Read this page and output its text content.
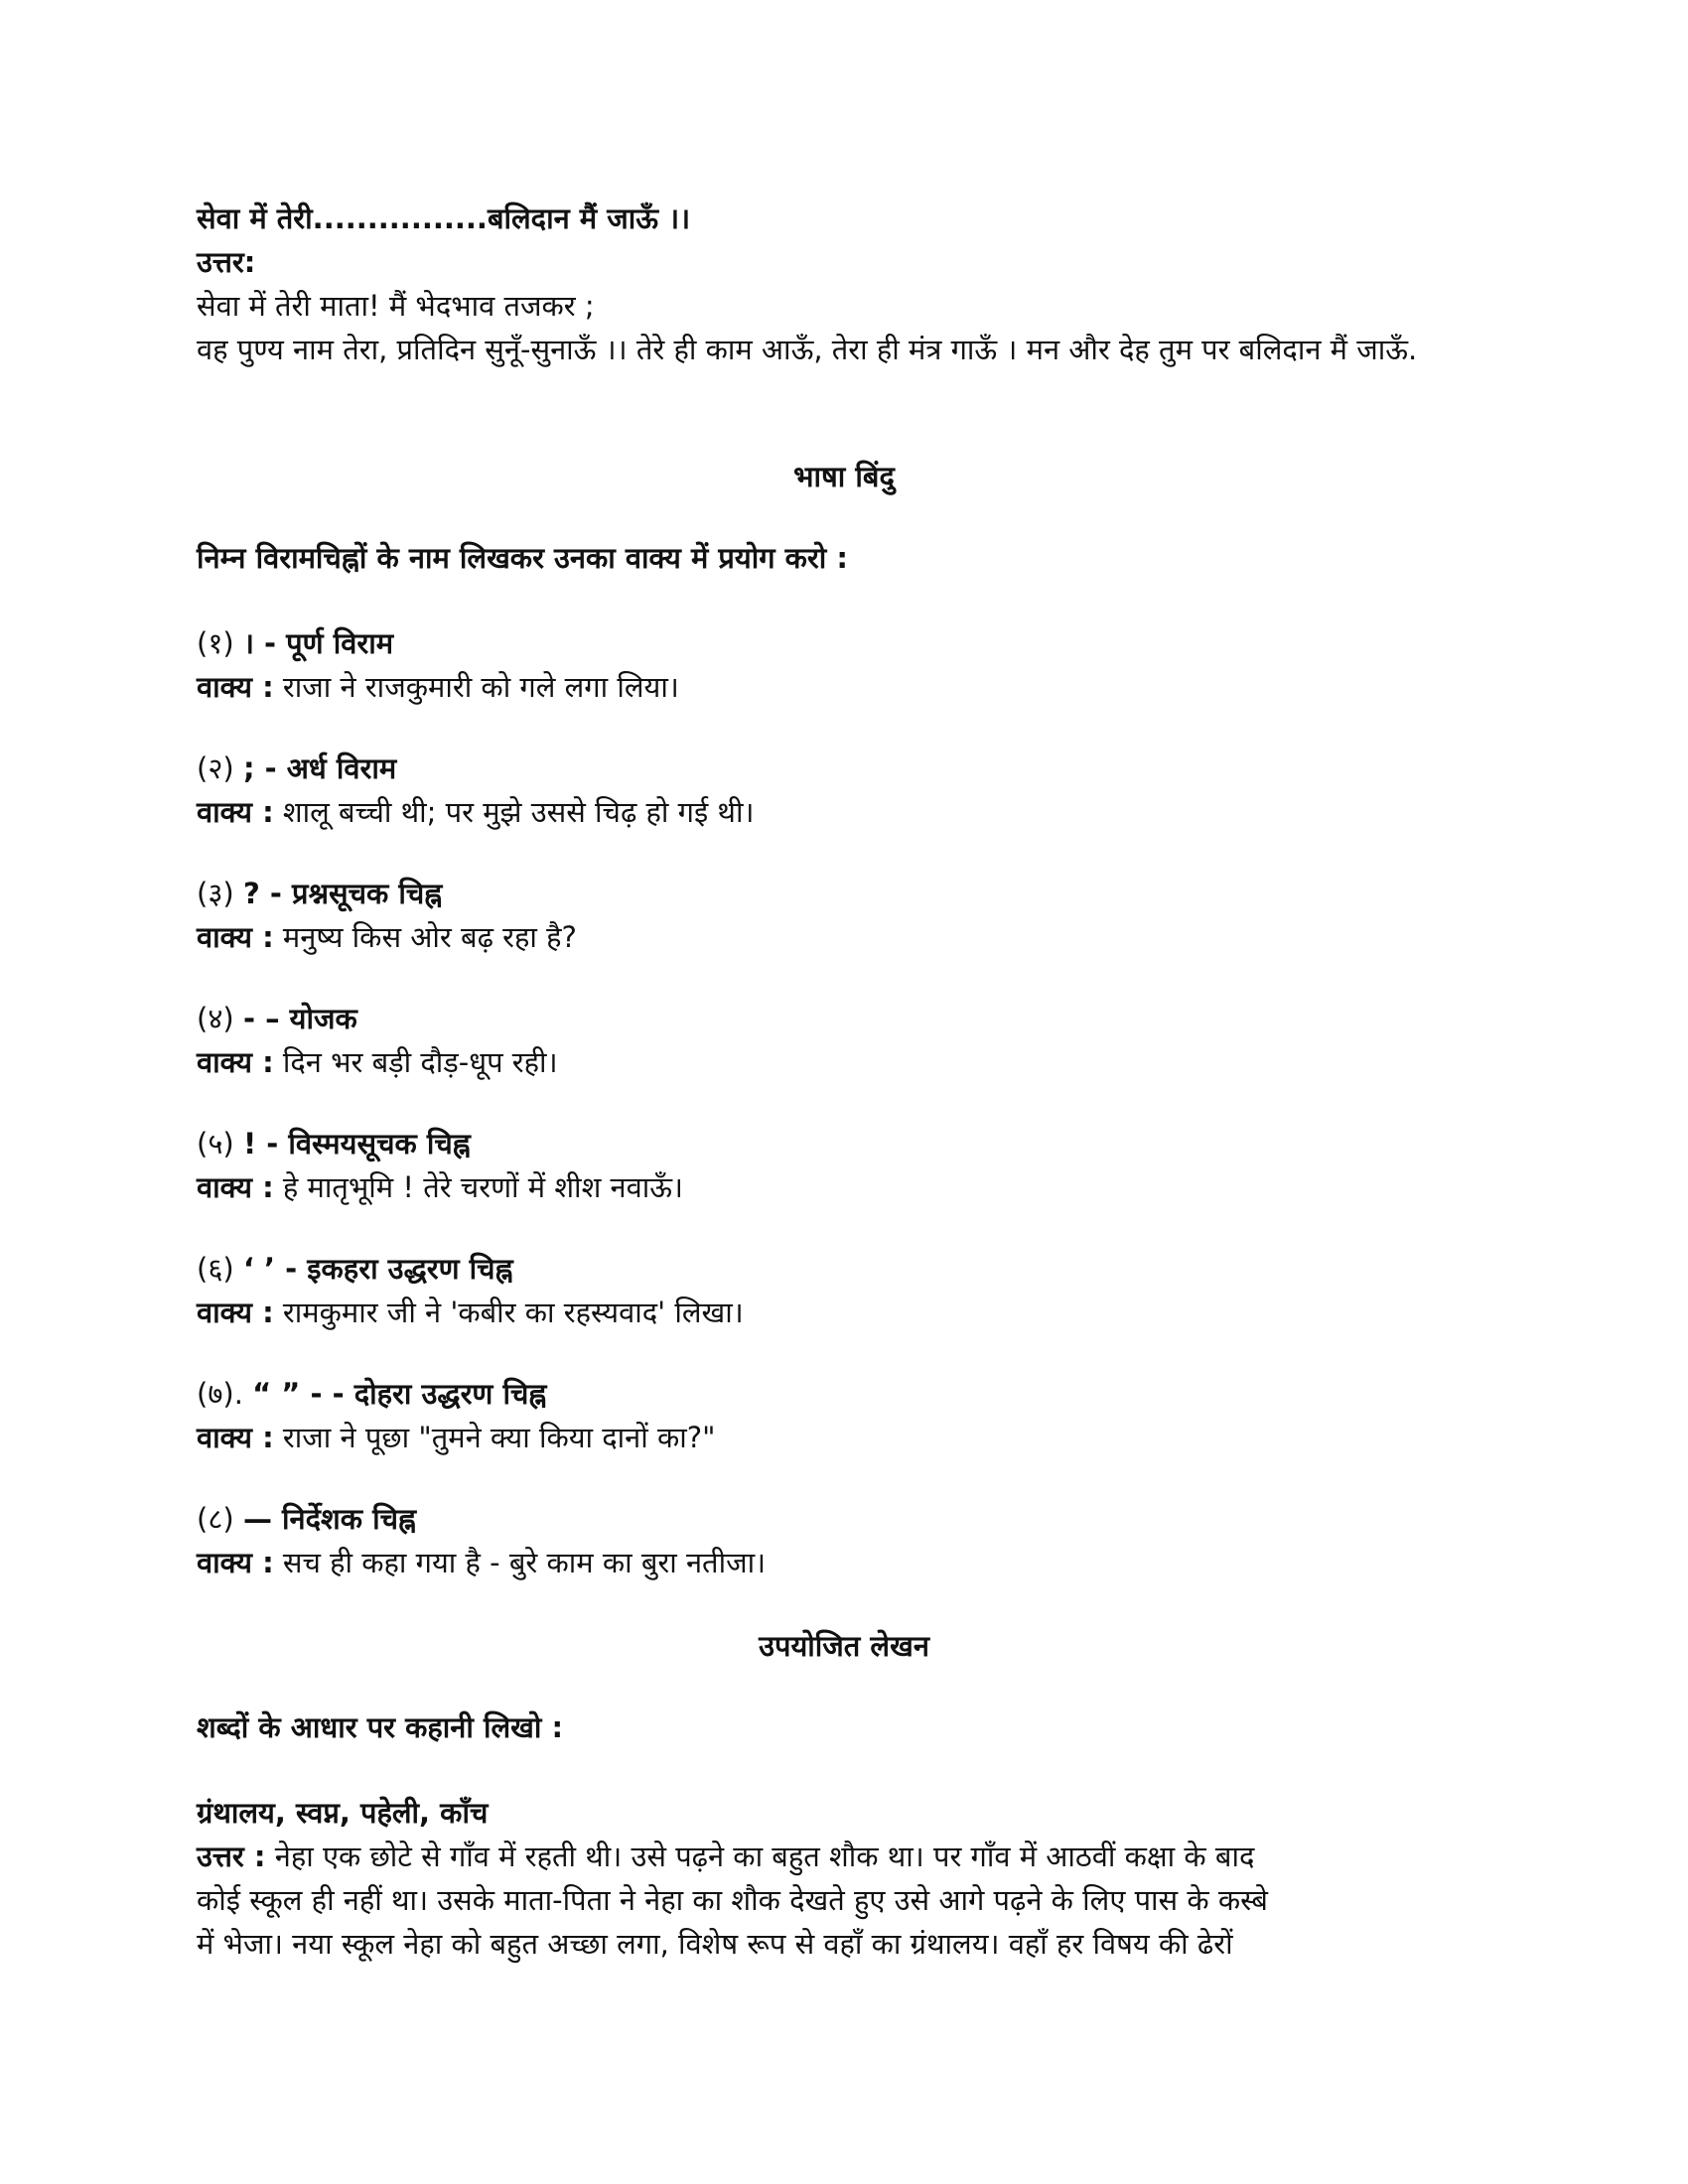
सेवा में तेरी................बलिदान मैं जाऊँ ।।
उत्तर:
सेवा में तेरी माता! मैं भेदभाव तजकर ;
वह पुण्य नाम तेरा, प्रतिदिन सुनूँ-सुनाऊँ ।। तेरे ही काम आऊँ, तेरा ही मंत्र गाऊँ । मन और देह तुम पर बलिदान मैं जाऊँ.
भाषा बिंदु
निम्न विरामचिह्नों के नाम लिखकर उनका वाक्य में प्रयोग करो :
(१) । - पूर्ण विराम
वाक्य : राजा ने राजकुमारी को गले लगा लिया।
(२) ; - अर्ध विराम
वाक्य : शालू बच्ची थी; पर मुझे उससे चिढ़ हो गई थी।
(३) ? - प्रश्नसूचक चिह्न
वाक्य : मनुष्य किस ओर बढ़ रहा है?
(४) - – योजक
वाक्य : दिन भर बड़ी दौड़-धूप रही।
(५) ! - विस्मयसूचक चिह्न
वाक्य : हे मातृभूमि ! तेरे चरणों में शीश नवाऊँ।
(६) ‘ ’ - इकहरा उद्धरण चिह्न
वाक्य : रामकुमार जी ने 'कबीर का रहस्यवाद' लिखा।
(७). “ ” - - दोहरा उद्धरण चिह्न
वाक्य : राजा ने पूछा "तुमने क्या किया दानों का?"
(८) — निर्देशक चिह्न
वाक्य : सच ही कहा गया है - बुरे काम का बुरा नतीजा।
उपयोजित लेखन
शब्दों के आधार पर कहानी लिखो :
ग्रंथालय, स्वप्न, पहेली, काँच
उत्तर : नेहा एक छोटे से गाँव में रहती थी। उसे पढ़ने का बहुत शौक था। पर गाँव में आठवीं कक्षा के बाद
कोई स्कूल ही नहीं था। उसके माता-पिता ने नेहा का शौक देखते हुए उसे आगे पढ़ने के लिए पास के कस्बे
में भेजा। नया स्कूल नेहा को बहुत अच्छा लगा, विशेष रूप से वहाँ का ग्रंथालय। वहाँ हर विषय की ढेरों
